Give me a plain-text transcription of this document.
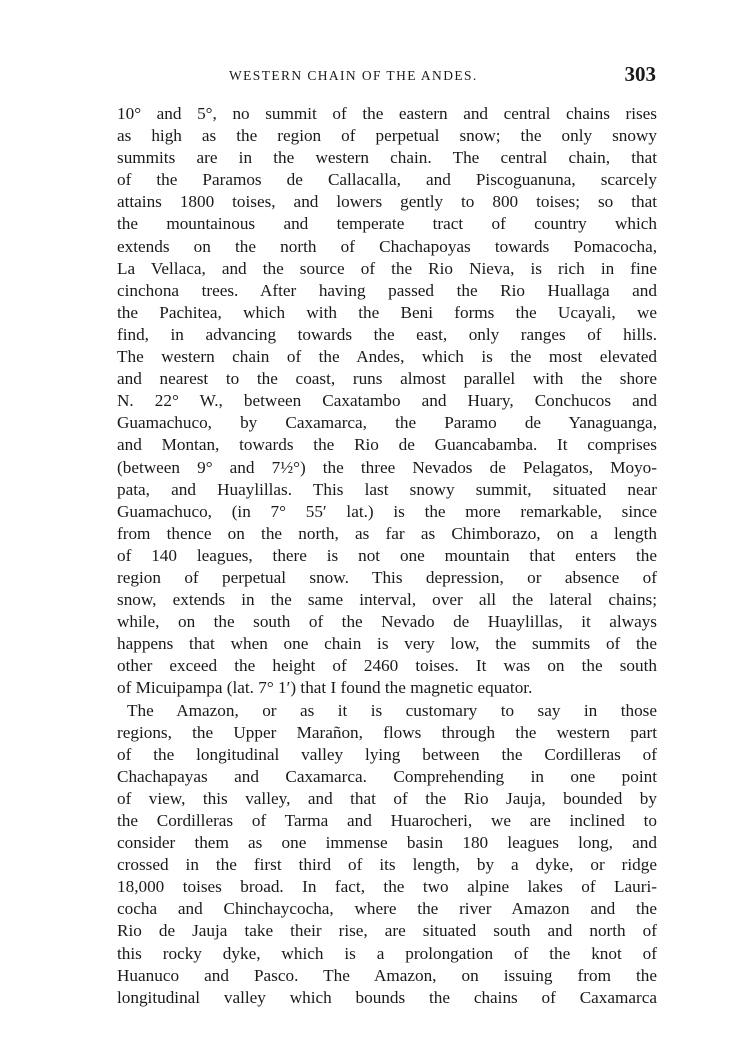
WESTERN CHAIN OF THE ANDES.	303
10° and 5°, no summit of the eastern and central chains rises
as high as the region of perpetual snow; the only snowy
summits are in the western chain. The central chain, that
of the Paramos de Callacalla, and Piscoguanuna, scarcely
attains 1800 toises, and lowers gently to 800 toises; so that
the mountainous and temperate tract of country which
extends on the north of Chachapoyas towards Pomacocha,
La Vellaca, and the source of the Rio Nieva, is rich in fine
cinchona trees. After having passed the Rio Huallaga and
the Pachitea, which with the Beni forms the Ucayali, we
find, in advancing towards the east, only ranges of hills.
The western chain of the Andes, which is the most elevated
and nearest to the coast, runs almost parallel with the shore
N. 22° W., between Caxatambo and Huary, Conchucos and
Guamachuco, by Caxamarca, the Paramo de Yanaguanga,
and Montan, towards the Rio de Guancabamba. It comprises
(between 9° and 7½°) the three Nevados de Pelagatos, Moyo-
pata, and Huaylillas. This last snowy summit, situated near
Guamachuco, (in 7° 55′ lat.) is the more remarkable, since
from thence on the north, as far as Chimborazo, on a length
of 140 leagues, there is not one mountain that enters the
region of perpetual snow. This depression, or absence of
snow, extends in the same interval, over all the lateral chains;
while, on the south of the Nevado de Huaylillas, it always
happens that when one chain is very low, the summits of the
other exceed the height of 2460 toises. It was on the south
of Micuipampa (lat. 7° 1′) that I found the magnetic equator.
The Amazon, or as it is customary to say in those
regions, the Upper Marañon, flows through the western part
of the longitudinal valley lying between the Cordilleras of
Chachapayas and Caxamarca. Comprehending in one point
of view, this valley, and that of the Rio Jauja, bounded by
the Cordilleras of Tarma and Huarocheri, we are inclined to
consider them as one immense basin 180 leagues long, and
crossed in the first third of its length, by a dyke, or ridge
18,000 toises broad. In fact, the two alpine lakes of Lauri-
cocha and Chinchaycocha, where the river Amazon and the
Rio de Jauja take their rise, are situated south and north of
this rocky dyke, which is a prolongation of the knot of
Huanuco and Pasco. The Amazon, on issuing from the
longitudinal valley which bounds the chains of Caxamarca
